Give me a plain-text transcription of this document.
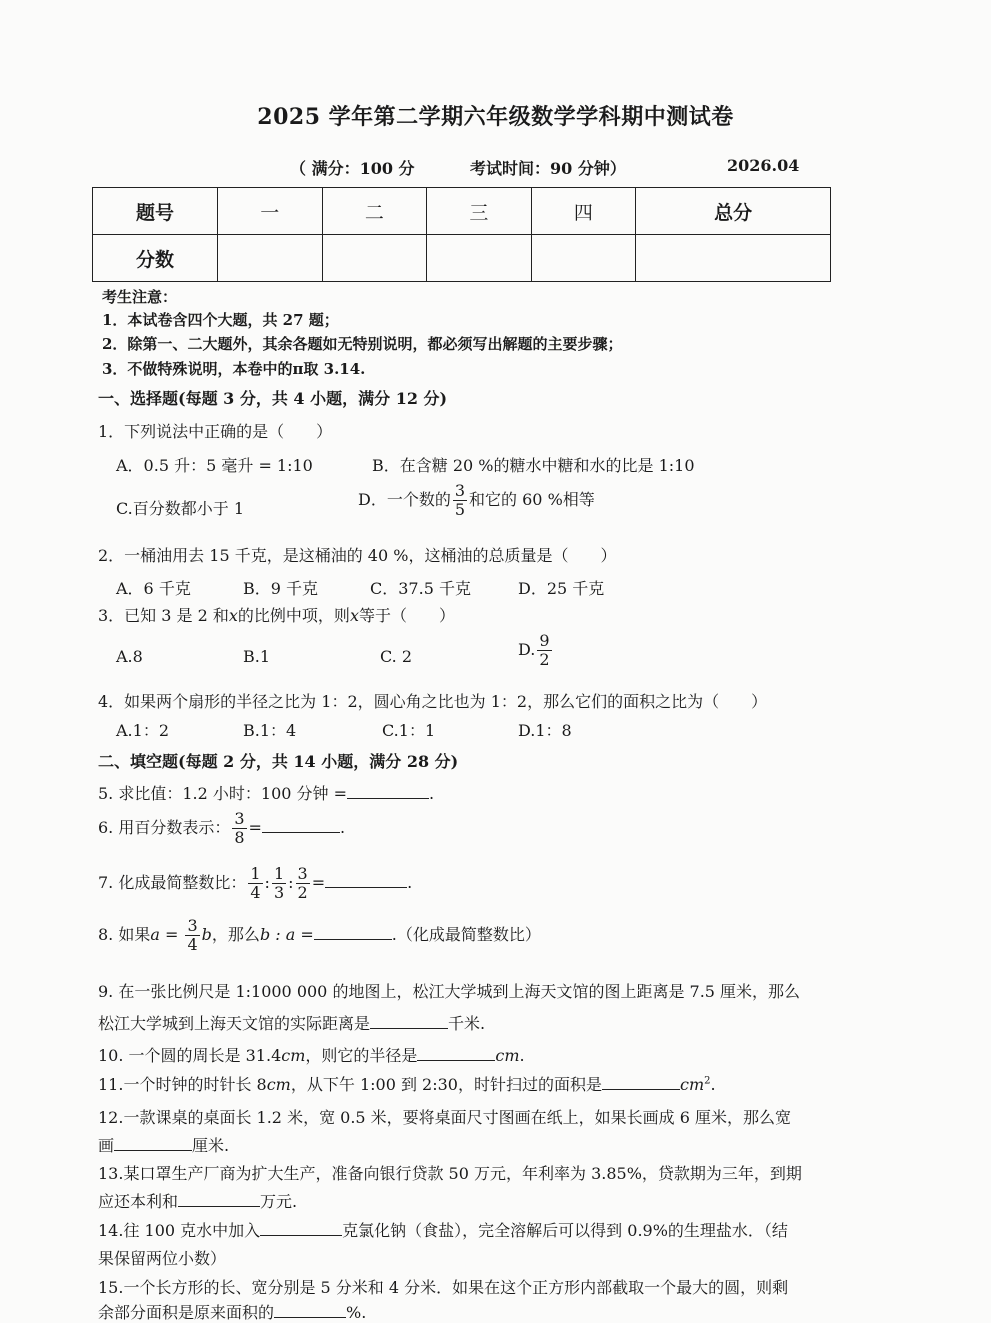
2025 学年第二学期六年级数学学科期中测试卷
（ 满分：100 分	考试时间：90 分钟）	2026.04
题号	一	二	三	四	总分
分数					
考生注意：
1．本试卷含四个大题，共 27 题；
2．除第一、二大题外，其余各题如无特别说明，都必须写出解题的主要步骤；
3．不做特殊说明，本卷中的π取 3.14.
一、选择题(每题 3 分，共 4 小题，满分 12 分)
1．下列说法中正确的是（　　）
A．0.5 升：5 毫升 = 1:10	B．在含糖 20 %的糖水中糖和水的比是 1:10
C.百分数都小于 1	D．一个数的 $\frac{3}{5}$ 和它的 60 %相等
2．一桶油用去 15 千克，是这桶油的 40 %，这桶油的总质量是（　　）
A．6 千克	B．9 千克	C．37.5 千克	D．25 千克
3．已知 3 是 2 和x的比例中项，则x等于（　　）
A.8	B.1	C. 2	D. $\frac{9}{2}$
4．如果两个扇形的半径之比为 1：2，圆心角之比也为 1：2，那么它们的面积之比为（　　）
A.1：2	B.1：4	C.1：1	D.1：8
二、填空题(每题 2 分，共 14 小题，满分 28 分)
5. 求比值：1.2 小时：100 分钟 =	.
6. 用百分数表示： $\frac{3}{8}$ =	.
7. 化成最简整数比： $\frac{1}{4}$ : $\frac{1}{3}$ : $\frac{3}{2}$ =	.
8. 如果$a = \frac{3}{4}$ b，那么b : a =	.（化成最简整数比）
9. 在一张比例尺是 1:1000 000 的地图上，松江大学城到上海天文馆的图上距离是 7.5 厘米，那么
松江大学城到上海天文馆的实际距离是	千米.
10. 一个圆的周长是 31.4cm，则它的半径是	cm.
11.一个时钟的时针长 8cm，从下午 1:00 到 2:30，时针扫过的面积是	$cm^2$.
12.一款课桌的桌面长 1.2 米，宽 0.5 米，要将桌面尺寸图画在纸上，如果长画成 6 厘米，那么宽
画	厘米.
13.某口罩生产厂商为扩大生产，准备向银行贷款 50 万元，年利率为 3.85%，贷款期为三年，到期
应还本利和	万元.
14.往 100 克水中加入	克氯化钠（食盐），完全溶解后可以得到 0.9%的生理盐水．（结
果保留两位小数）
15.一个长方形的长、宽分别是 5 分米和 4 分米．如果在这个正方形内部截取一个最大的圆，则剩
余部分面积是原来面积的	%.
